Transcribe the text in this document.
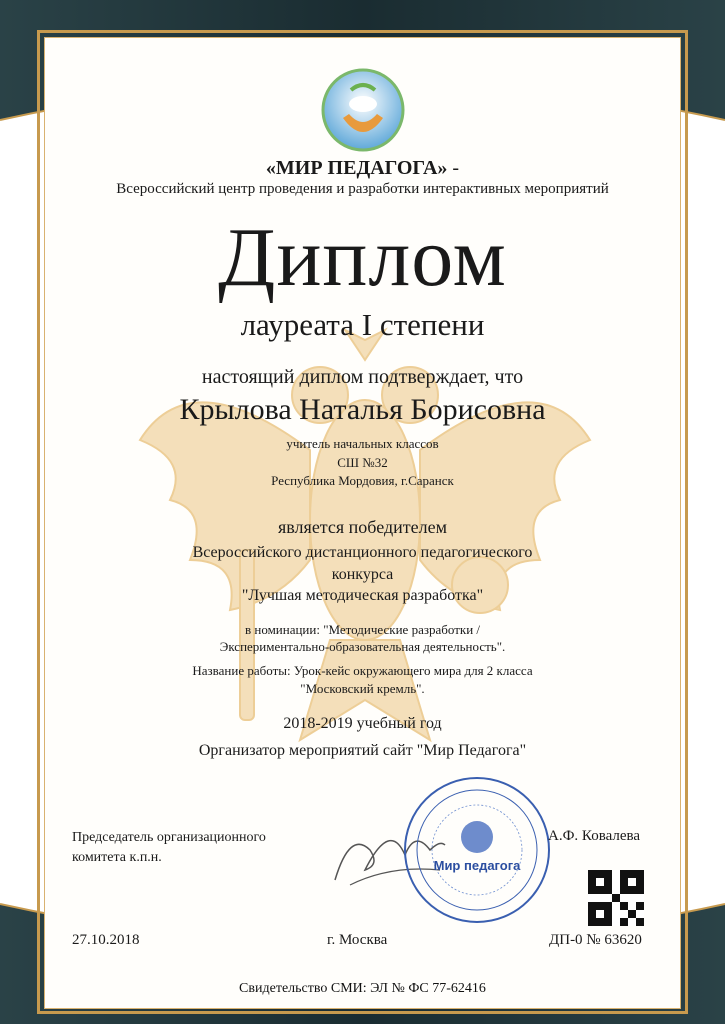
«МИР ПЕДАГОГА» -
Всероссийский центр проведения и разработки интерактивных мероприятий
Диплом
лауреата I степени
настоящий диплом подтверждает, что
Крылова Наталья Борисовна
учитель начальных классов
СШ №32
Республика Мордовия, г.Саранск
является победителем
Всероссийского дистанционного педагогического
конкурса
"Лучшая методическая разработка"
в номинации: "Методические разработки /
Экспериментально-образовательная деятельность".
Название работы: Урок-кейс окружающего мира для 2 класса
"Московский кремль".
2018-2019 учебный год
Организатор мероприятий сайт "Мир Педагога"
Председатель организационного
комитета к.п.н.
Мир педагога
А.Ф. Ковалева
27.10.2018	г. Москва	ДП-0 № 63620
Свидетельство СМИ: ЭЛ № ФС 77-62416
